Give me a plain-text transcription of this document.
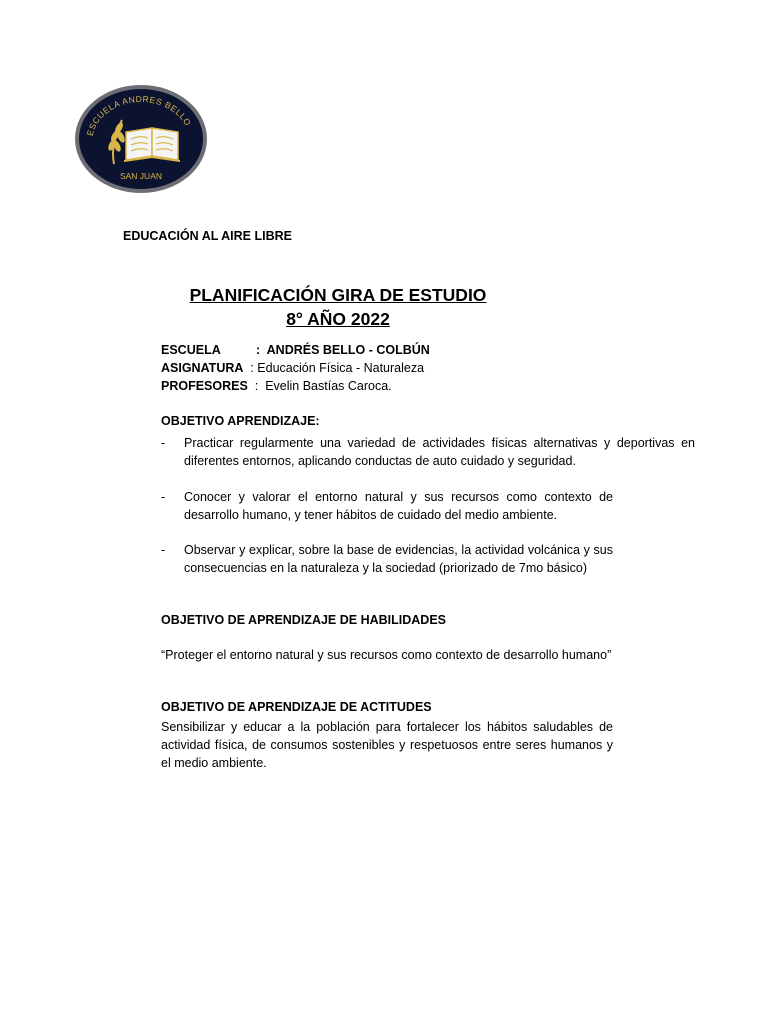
ESCUELA ANDRES BELLO
SAN JUAN
EDUCACIÓN AL AIRE LIBRE
PLANIFICACIÓN GIRA DE ESTUDIO
8° AÑO 2022
ESCUELA	:  ANDRÉS BELLO - COLBÚN
ASIGNATURA  : Educación Física - Naturaleza
PROFESORES  :  Evelin Bastías Caroca.
OBJETIVO APRENDIZAJE:
- Practicar regularmente una variedad de actividades físicas alternativas y deportivas en diferentes entornos, aplicando conductas de auto cuidado y seguridad.
- Conocer y valorar el entorno natural y sus recursos como contexto de desarrollo humano, y tener hábitos de cuidado del medio ambiente.
- Observar y explicar, sobre la base de evidencias, la actividad volcánica y sus consecuencias en la naturaleza y la sociedad (priorizado de 7mo básico)
OBJETIVO DE APRENDIZAJE DE HABILIDADES
“Proteger el entorno natural y sus recursos como contexto de desarrollo humano”
OBJETIVO DE APRENDIZAJE DE ACTITUDES
Sensibilizar y educar a la población para fortalecer los hábitos saludables de actividad física, de consumos sostenibles y respetuosos entre seres humanos y el medio ambiente.
